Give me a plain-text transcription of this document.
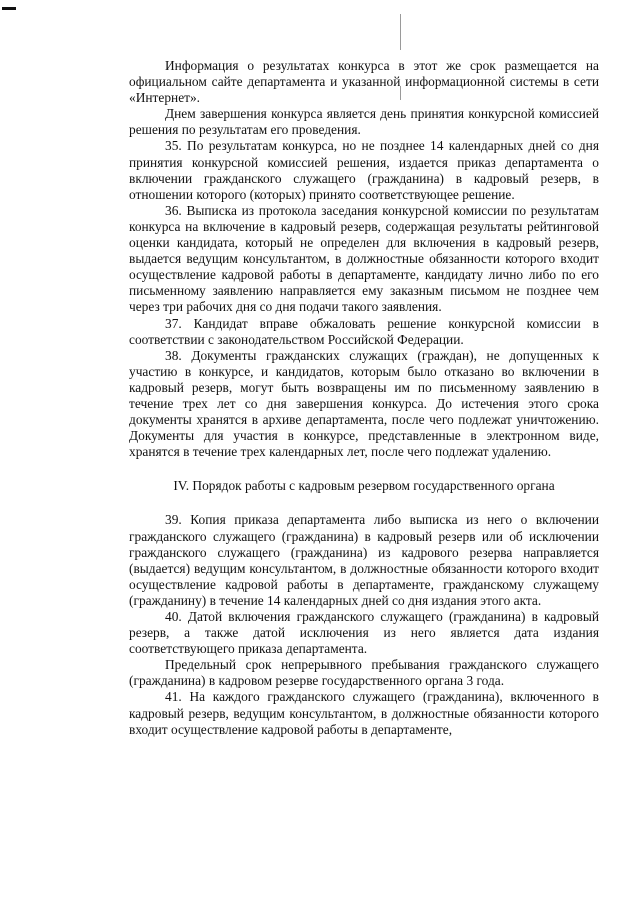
Информация о результатах конкурса в этот же срок размещается на официальном сайте департамента и указанной информационной системы в сети «Интернет».

Днем завершения конкурса является день принятия конкурсной комиссией решения по результатам его проведения.

35. По результатам конкурса, но не позднее 14 календарных дней со дня принятия конкурсной комиссией решения, издается приказ департамента о включении гражданского служащего (гражданина) в кадровый резерв, в отношении которого (которых) принято соответствующее решение.

36. Выписка из протокола заседания конкурсной комиссии по результатам конкурса на включение в кадровый резерв, содержащая результаты рейтинговой оценки кандидата, который не определен для включения в кадровый резерв, выдается ведущим консультантом, в должностные обязанности которого входит осуществление кадровой работы в департаменте, кандидату лично либо по его письменному заявлению направляется ему заказным письмом не позднее чем через три рабочих дня со дня подачи такого заявления.

37. Кандидат вправе обжаловать решение конкурсной комиссии в соответствии с законодательством Российской Федерации.

38. Документы гражданских служащих (граждан), не допущенных к участию в конкурсе, и кандидатов, которым было отказано во включении в кадровый резерв, могут быть возвращены им по письменному заявлению в течение трех лет со дня завершения конкурса. До истечения этого срока документы хранятся в архиве департамента, после чего подлежат уничтожению. Документы для участия в конкурсе, представленные в электронном виде, хранятся в течение трех календарных лет, после чего подлежат удалению.

IV. Порядок работы с кадровым резервом государственного органа

39. Копия приказа департамента либо выписка из него о включении гражданского служащего (гражданина) в кадровый резерв или об исключении гражданского служащего (гражданина) из кадрового резерва направляется (выдается) ведущим консультантом, в должностные обязанности которого входит осуществление кадровой работы в департаменте, гражданскому служащему (гражданину) в течение 14 календарных дней со дня издания этого акта.

40. Датой включения гражданского служащего (гражданина) в кадровый резерв, а также датой исключения из него является дата издания соответствующего приказа департамента.

Предельный срок непрерывного пребывания гражданского служащего (гражданина) в кадровом резерве государственного органа 3 года.

41. На каждого гражданского служащего (гражданина), включенного в кадровый резерв, ведущим консультантом, в должностные обязанности которого входит осуществление кадровой работы в департаменте,
